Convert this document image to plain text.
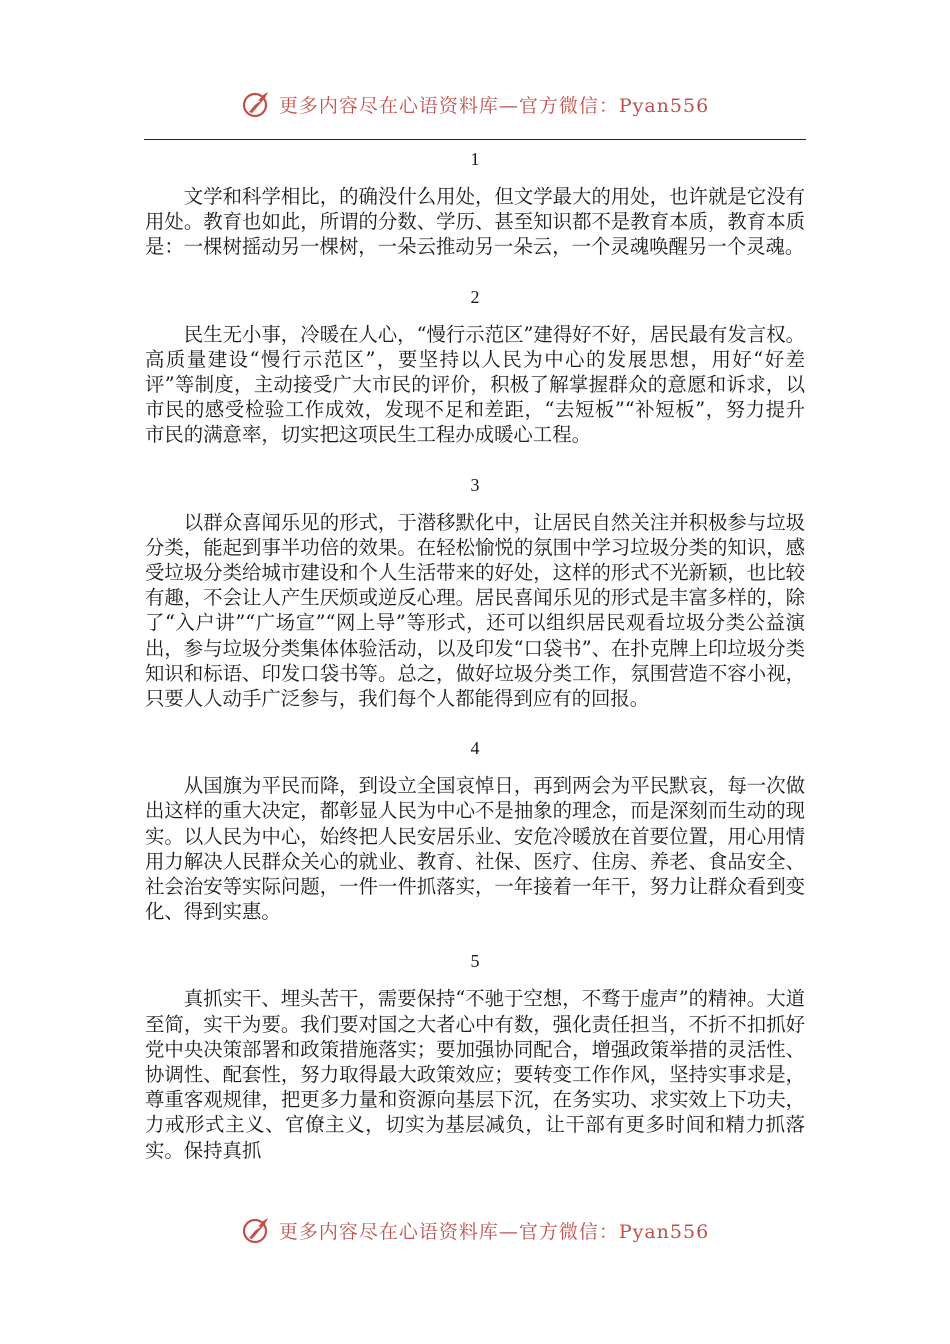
更多内容尽在心语资料库—官方微信：Pyan556
1

文学和科学相比，的确没什么用处，但文学最大的用处，也许就是它没有用处。教育也如此，所谓的分数、学历、甚至知识都不是教育本质，教育本质是：一棵树摇动另一棵树，一朵云推动另一朵云，一个灵魂唤醒另一个灵魂。

2

民生无小事，冷暖在人心，“慢行示范区”建得好不好，居民最有发言权。高质量建设“慢行示范区”，要坚持以人民为中心的发展思想，用好“好差评”等制度，主动接受广大市民的评价，积极了解掌握群众的意愿和诉求，以市民的感受检验工作成效，发现不足和差距，“去短板”“补短板”，努力提升市民的满意率，切实把这项民生工程办成暖心工程。

3

以群众喜闻乐见的形式，于潜移默化中，让居民自然关注并积极参与垃圾分类，能起到事半功倍的效果。在轻松愉悦的氛围中学习垃圾分类的知识，感受垃圾分类给城市建设和个人生活带来的好处，这样的形式不光新颖，也比较有趣，不会让人产生厌烦或逆反心理。居民喜闻乐见的形式是丰富多样的，除了“入户讲”“广场宣”“网上导”等形式，还可以组织居民观看垃圾分类公益演出，参与垃圾分类集体体验活动，以及印发“口袋书”、在扑克牌上印垃圾分类知识和标语、印发口袋书等。总之，做好垃圾分类工作，氛围营造不容小视，只要人人动手广泛参与，我们每个人都能得到应有的回报。

4

从国旗为平民而降，到设立全国哀悼日，再到两会为平民默哀，每一次做出这样的重大决定，都彰显人民为中心不是抽象的理念，而是深刻而生动的现实。以人民为中心，始终把人民安居乐业、安危冷暖放在首要位置，用心用情用力解决人民群众关心的就业、教育、社保、医疗、住房、养老、食品安全、社会治安等实际问题，一件一件抓落实，一年接着一年干，努力让群众看到变化、得到实惠。

5

真抓实干、埋头苦干，需要保持“不驰于空想，不骛于虚声”的精神。大道至简，实干为要。我们要对国之大者心中有数，强化责任担当，不折不扣抓好党中央决策部署和政策措施落实；要加强协同配合，增强政策举措的灵活性、协调性、配套性，努力取得最大政策效应；要转变工作作风，坚持实事求是，尊重客观规律，把更多力量和资源向基层下沉，在务实功、求实效上下功夫，力戒形式主义、官僚主义，切实为基层减负，让干部有更多时间和精力抓落实。保持真抓

更多内容尽在心语资料库—官方微信：Pyan556
